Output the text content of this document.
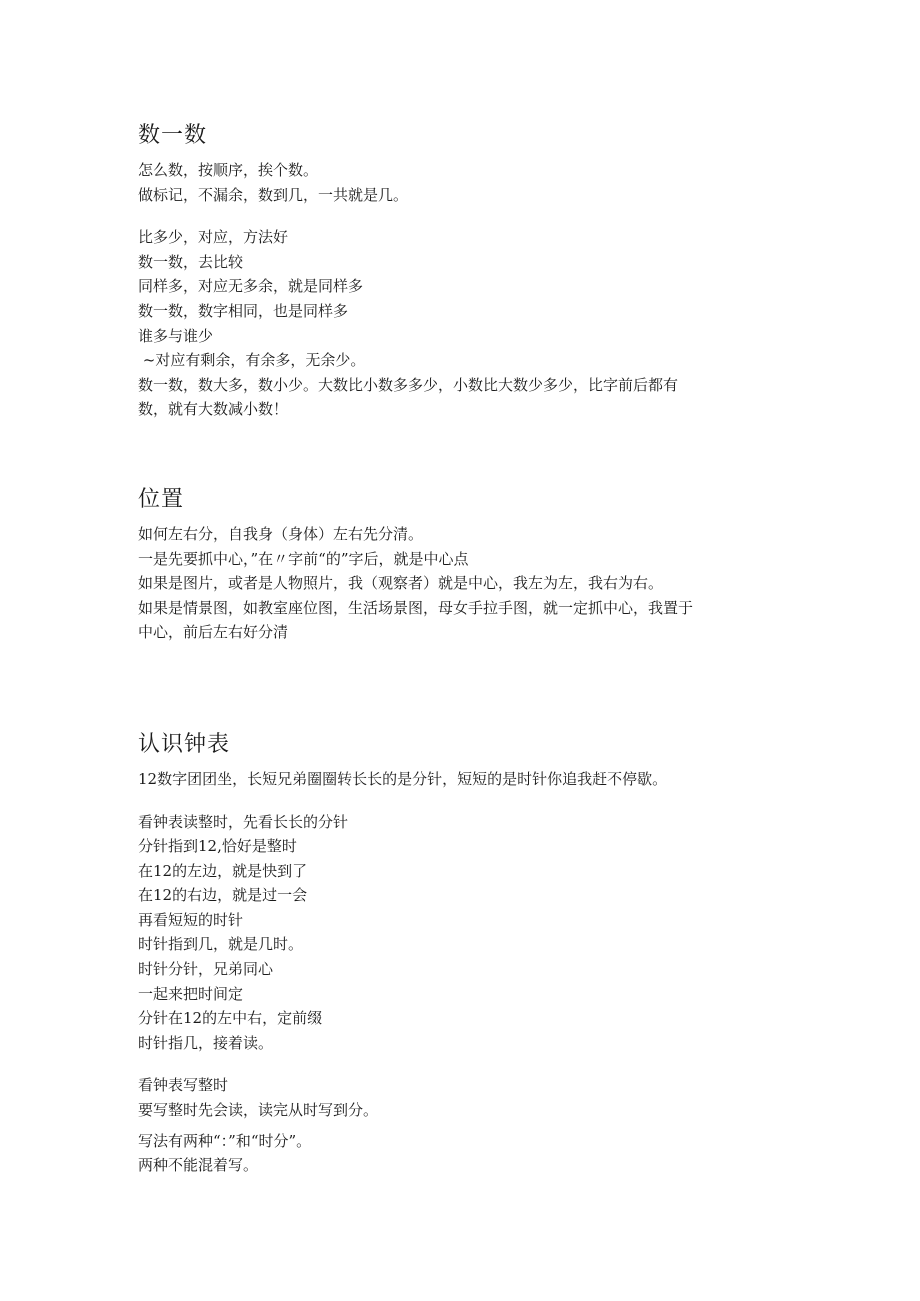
数一数

怎么数，按顺序，挨个数。

做标记，不漏余，数到几，一共就是几。

比多少，对应，方法好

数一数，去比较

同样多，对应无多余，就是同样多

数一数，数字相同，也是同样多

谁多与谁少

~对应有剩余，有余多，无余少。

数一数，数大多，数小少。大数比小数多多少，小数比大数少多少，比字前后都有

数，就有大数减小数！

位置

如何左右分，自我身（身体）左右先分清。

一是先要抓中心，”在〃字前“的”字后，就是中心点

如果是图片，或者是人物照片，我（观察者）就是中心，我左为左，我右为右。

如果是情景图，如教室座位图，生活场景图，母女手拉手图，就一定抓中心，我置于

中心，前后左右好分清

认识钟表

12数字团团坐，长短兄弟圈圈转长长的是分针，短短的是时针你追我赶不停歇。

看钟表读整时，先看长长的分针

分针指到12,恰好是整时

在12的左边，就是快到了

在12的右边，就是过一会

再看短短的时针

时针指到几，就是几时。

时针分针，兄弟同心

一起来把时间定

分针在12的左中右，定前缀

时针指几，接着读。

看钟表写整时

要写整时先会读，读完从时写到分。

写法有两种“：”和“时分”。

两种不能混着写。
